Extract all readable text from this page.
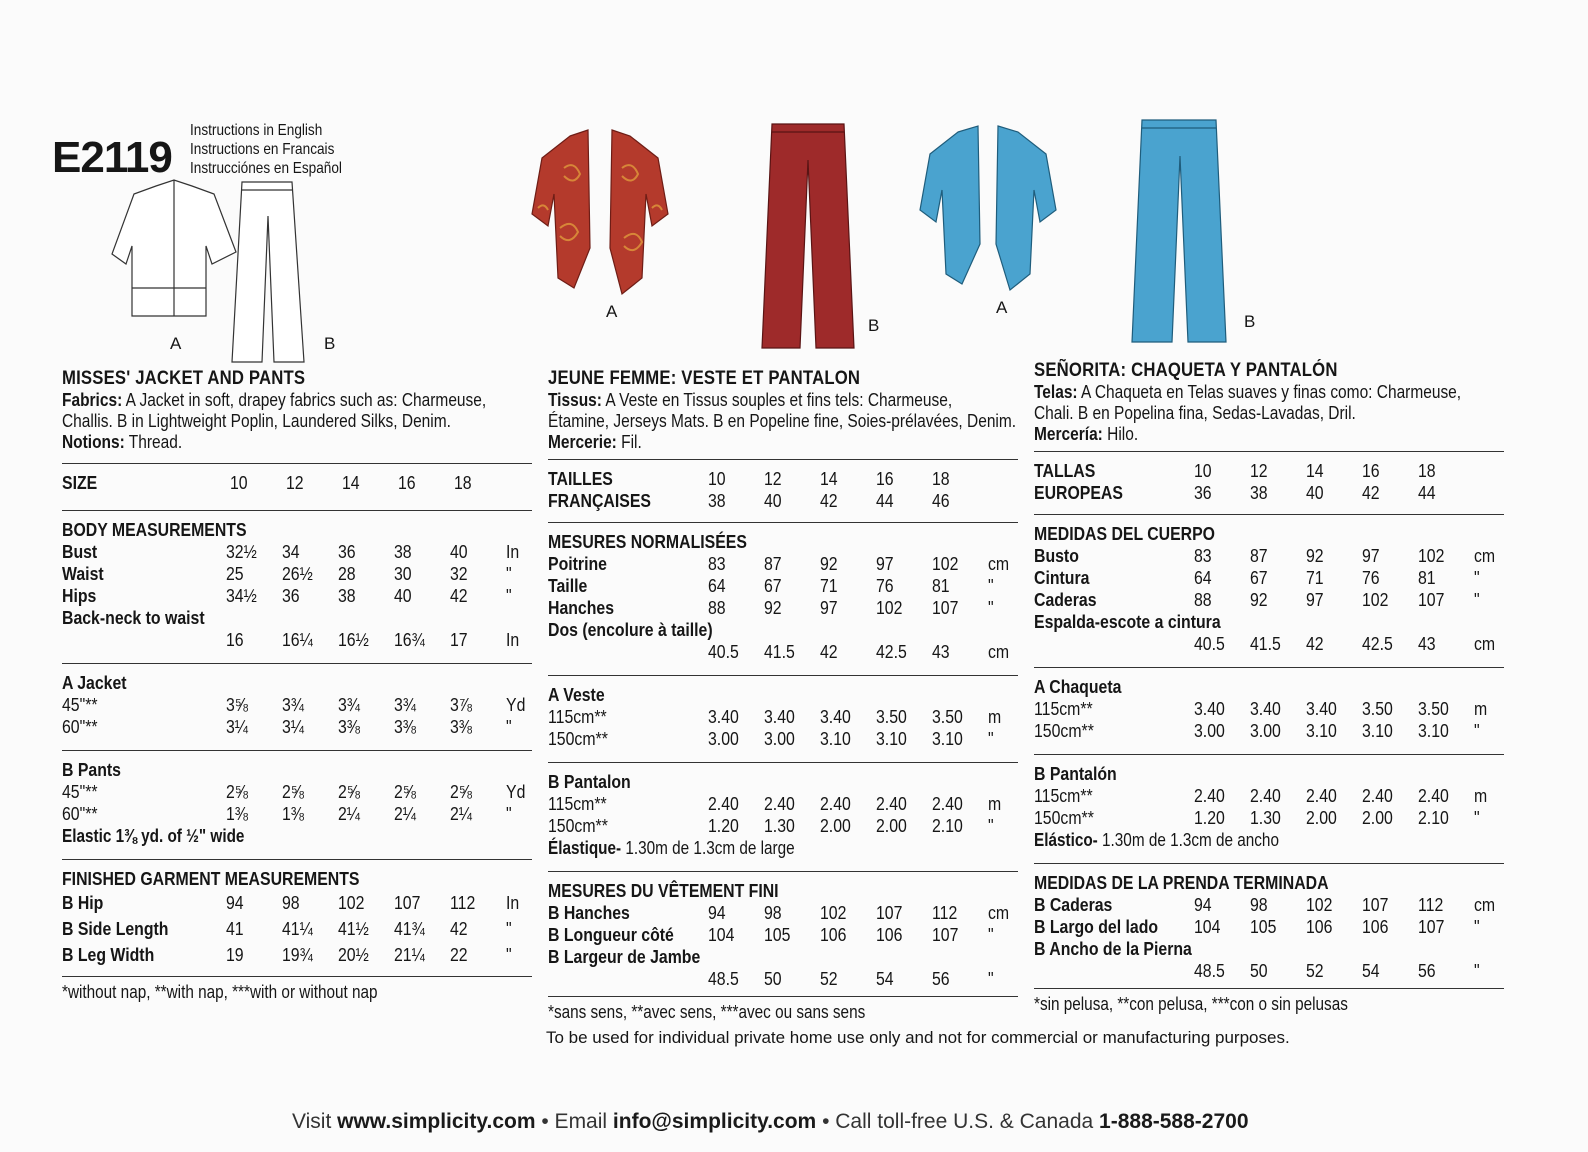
E2119
Instructions in English
Instructions en Francais
Instrucciónes en Español
A	B
A
B
A
B
MISSES' JACKET AND PANTS
Fabrics: A Jacket in soft, drapey fabrics such as: Charmeuse, Challis. B in Lightweight Poplin, Laundered Silks, Denim.
Notions: Thread.
SIZE	10	12	14	16	18
BODY MEASUREMENTS
Bust	32½	34	36	38	40	In
Waist	25	26½	28	30	32	"
Hips	34½	36	38	40	42	"
Back-neck to waist
16	16¼	16½	16¾	17	In
A Jacket
45"**	3⅝	3¾	3¾	3¾	3⅞	Yd
60"**	3¼	3¼	3⅜	3⅜	3⅜	"
B Pants
45"**	2⅝	2⅝	2⅝	2⅝	2⅝	Yd
60"**	1⅜	1⅜	2¼	2¼	2¼	"
Elastic 1⅜ yd. of ½" wide
FINISHED GARMENT MEASUREMENTS
B Hip	94	98	102	107	112	In
B Side Length	41	41¼	41½	41¾	42	"
B Leg Width	19	19¾	20½	21¼	22	"
*without nap, **with nap, ***with or without nap
JEUNE FEMME: VESTE ET PANTALON
Tissus: A Veste en Tissus souples et fins tels: Charmeuse, Étamine, Jerseys Mats. B en Popeline fine, Soies-prélavées, Denim.
Mercerie: Fil.
TAILLES	10	12	14	16	18
FRANÇAISES	38	40	42	44	46
MESURES NORMALISÉES
Poitrine	83	87	92	97	102	cm
Taille	64	67	71	76	81	"
Hanches	88	92	97	102	107	"
Dos (encolure à taille)
40.5	41.5	42	42.5	43	cm
A Veste
115cm**	3.40	3.40	3.40	3.50	3.50	m
150cm**	3.00	3.00	3.10	3.10	3.10	"
B Pantalon
115cm**	2.40	2.40	2.40	2.40	2.40	m
150cm**	1.20	1.30	2.00	2.00	2.10	"
Élastique- 1.30m de 1.3cm de large
MESURES DU VÊTEMENT FINI
B Hanches	94	98	102	107	112	cm
B Longueur côté	104	105	106	106	107	"
B Largeur de Jambe
48.5	50	52	54	56	"
*sans sens, **avec sens, ***avec ou sans sens
SEÑORITA: CHAQUETA Y PANTALÓN
Telas: A Chaqueta en Telas suaves y finas como: Charmeuse, Chali. B en Popelina fina, Sedas-Lavadas, Dril.
Mercería: Hilo.
TALLAS	10	12	14	16	18
EUROPEAS	36	38	40	42	44
MEDIDAS DEL CUERPO
Busto	83	87	92	97	102	cm
Cintura	64	67	71	76	81	"
Caderas	88	92	97	102	107	"
Espalda-escote a cintura
40.5	41.5	42	42.5	43	cm
A Chaqueta
115cm**	3.40	3.40	3.40	3.50	3.50	m
150cm**	3.00	3.00	3.10	3.10	3.10	"
B Pantalón
115cm**	2.40	2.40	2.40	2.40	2.40	m
150cm**	1.20	1.30	2.00	2.00	2.10	"
Elástico- 1.30m de 1.3cm de ancho
MEDIDAS DE LA PRENDA TERMINADA
B Caderas	94	98	102	107	112	cm
B Largo del lado	104	105	106	106	107	"
B Ancho de la Pierna
48.5	50	52	54	56	"
*sin pelusa, **con pelusa, ***con o sin pelusas
To be used for individual private home use only and not for commercial or manufacturing purposes.
Visit www.simplicity.com • Email info@simplicity.com • Call toll-free U.S. & Canada 1-888-588-2700
